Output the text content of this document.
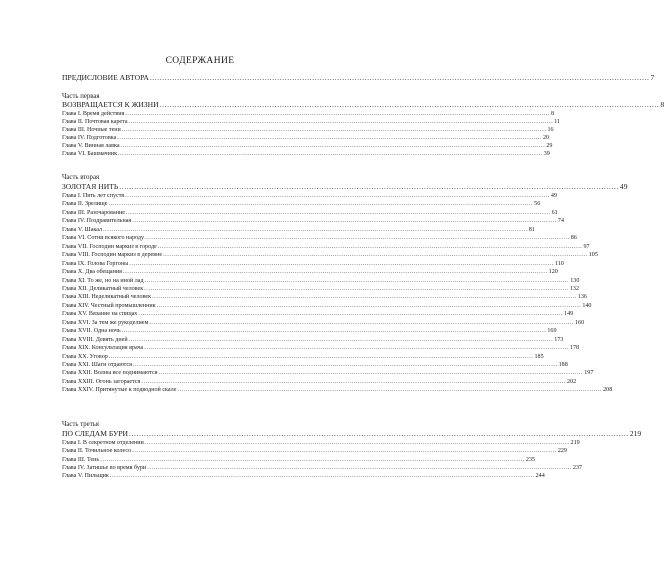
СОДЕРЖАНИЕ
ПРЕДИСЛОВИЕ АВТОРА ........................................................................................................................................................................................................ 7
Часть первая
ВОЗВРАЩАЕТСЯ К ЖИЗНИ ........................................................................................................................................................................................................ 8
Глава I. Время действия ........................................................................................................................................................................................................ 8
Глава II. Почтовая карета ........................................................................................................................................................................................................ 11
Глава III. Ночные тени ........................................................................................................................................................................................................ 16
Глава IV. Подготовка ........................................................................................................................................................................................................ 20
Глава V. Винная лавка ........................................................................................................................................................................................................ 29
Глава VI. Башмачник ........................................................................................................................................................................................................ 39
Часть вторая
ЗОЛОТАЯ НИТЬ ........................................................................................................................................................................................................ 49
Глава I. Пять лет спустя ........................................................................................................................................................................................................ 49
Глава II. Зрелище ........................................................................................................................................................................................................ 56
Глава III. Разочарование ........................................................................................................................................................................................................ 61
Глава IV. Поздравительная ........................................................................................................................................................................................................ 74
Глава V. Шакал ........................................................................................................................................................................................................ 81
Глава VI. Сотни всякого народу ........................................................................................................................................................................................................ 86
Глава VII. Господин маркиз в городе ........................................................................................................................................................................................................ 97
Глава VIII. Господин маркиз в деревне ........................................................................................................................................................................................................ 105
Глава IX. Голова Горгоны ........................................................................................................................................................................................................ 110
Глава X. Два обещания ........................................................................................................................................................................................................ 120
Глава XI. То же, но на иной лад ........................................................................................................................................................................................................ 130
Глава XII. Деликатный человек ........................................................................................................................................................................................................ 132
Глава XIII. Неделикатный человек ........................................................................................................................................................................................................ 136
Глава XIV. Честный промышленник ........................................................................................................................................................................................................ 140
Глава XV. Вязание на спицах ........................................................................................................................................................................................................ 149
Глава XVI. За тем же рукоделием ........................................................................................................................................................................................................ 160
Глава XVII. Одна ночь ........................................................................................................................................................................................................ 169
Глава XVIII. Девять дней ........................................................................................................................................................................................................ 173
Глава XIX. Консультация врача ........................................................................................................................................................................................................ 178
Глава XX. Уговор ........................................................................................................................................................................................................ 185
Глава XXI. Шаги отдаются ........................................................................................................................................................................................................ 188
Глава XXII. Волны все поднимаются ........................................................................................................................................................................................................ 197
Глава XXIII. Огонь загорается ........................................................................................................................................................................................................ 202
Глава XXIV. Притянутые к подводной скале ........................................................................................................................................................................................................ 208
Часть третья
ПО СЛЕДАМ БУРИ ........................................................................................................................................................................................................ 219
Глава I. В секретном отделении ........................................................................................................................................................................................................ 219
Глава II. Точильное колесо ........................................................................................................................................................................................................ 229
Глава III. Тень ........................................................................................................................................................................................................ 235
Глава IV. Затишье во время бури ........................................................................................................................................................................................................ 237
Глава V. Пильщик ........................................................................................................................................................................................................ 244
